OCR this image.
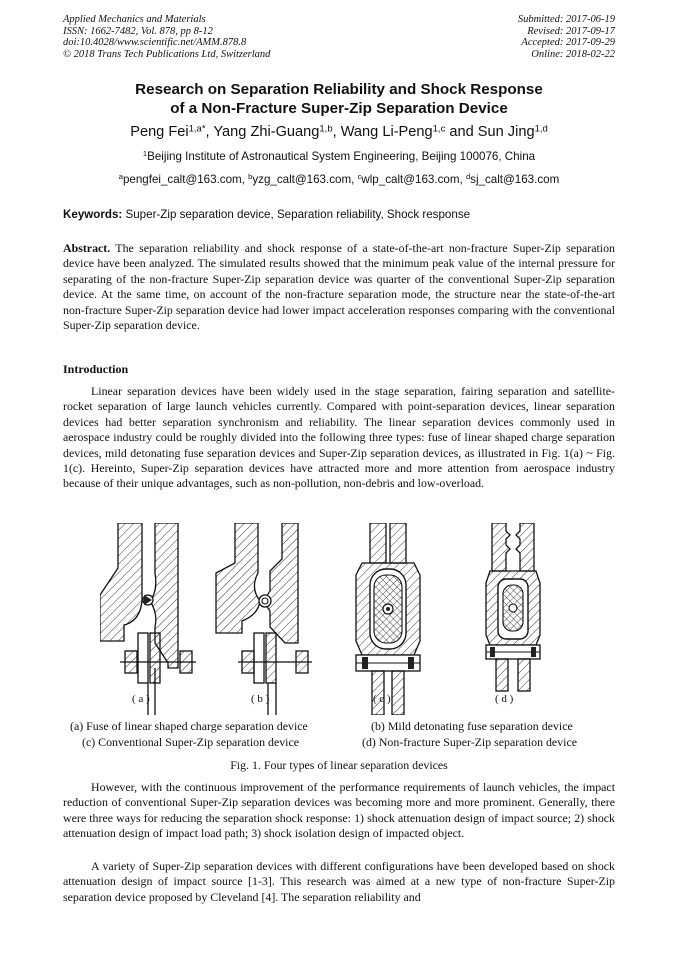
Applied Mechanics and Materials
ISSN: 1662-7482, Vol. 878, pp 8-12
doi:10.4028/www.scientific.net/AMM.878.8
© 2018 Trans Tech Publications Ltd, Switzerland
Submitted: 2017-06-19
Revised: 2017-09-17
Accepted: 2017-09-29
Online: 2018-02-22
Research on Separation Reliability and Shock Response
of a Non-Fracture Super-Zip Separation Device
Peng Fei$^{1,a*}$, Yang Zhi-Guang$^{1,b}$, Wang Li-Peng$^{1,c}$ and Sun Jing$^{1,d}$
$^1$Beijing Institute of Astronautical System Engineering, Beijing 100076, China
$^a$pengfei_calt@163.com, $^b$yzg_calt@163.com, $^c$wlp_calt@163.com, $^d$sj_calt@163.com
Keywords: Super-Zip separation device, Separation reliability, Shock response
Abstract. The separation reliability and shock response of a state-of-the-art non-fracture Super-Zip separation device have been analyzed. The simulated results showed that the minimum peak value of the internal pressure for separating of the non-fracture Super-Zip separation device was quarter of the conventional Super-Zip separation device. At the same time, on account of the non-fracture separation mode, the structure near the state-of-the-art non-fracture Super-Zip separation device had lower impact acceleration responses comparing with the conventional Super-Zip separation device.
Introduction
Linear separation devices have been widely used in the stage separation, fairing separation and satellite-rocket separation of large launch vehicles currently. Compared with point-separation devices, linear separation devices had better separation synchronism and reliability. The linear separation devices commonly used in aerospace industry could be roughly divided into the following three types: fuse of linear shaped charge separation devices, mild detonating fuse separation devices and Super-Zip separation devices, as illustrated in Fig. 1(a) ~ Fig. 1(c). Hereinto, Super-Zip separation devices have attracted more and more attention from aerospace industry because of their unique advantages, such as non-pollution, non-debris and low-overload.
( a )	( b )	( c )	( d )
(a) Fuse of linear shaped charge separation device	(b) Mild detonating fuse separation device
(c) Conventional Super-Zip separation device	(d) Non-fracture Super-Zip separation device
Fig. 1. Four types of linear separation devices
However, with the continuous improvement of the performance requirements of launch vehicles, the impact reduction of conventional Super-Zip separation devices was becoming more and more prominent. Generally, there were three ways for reducing the separation shock response: 1) shock attenuation design of impact source; 2) shock attenuation design of impact load path; 3) shock isolation design of impacted object.
A variety of Super-Zip separation devices with different configurations have been developed based on shock attenuation design of impact source [1-3]. This research was aimed at a new type of non-fracture Super-Zip separation device proposed by Cleveland [4]. The separation reliability and
